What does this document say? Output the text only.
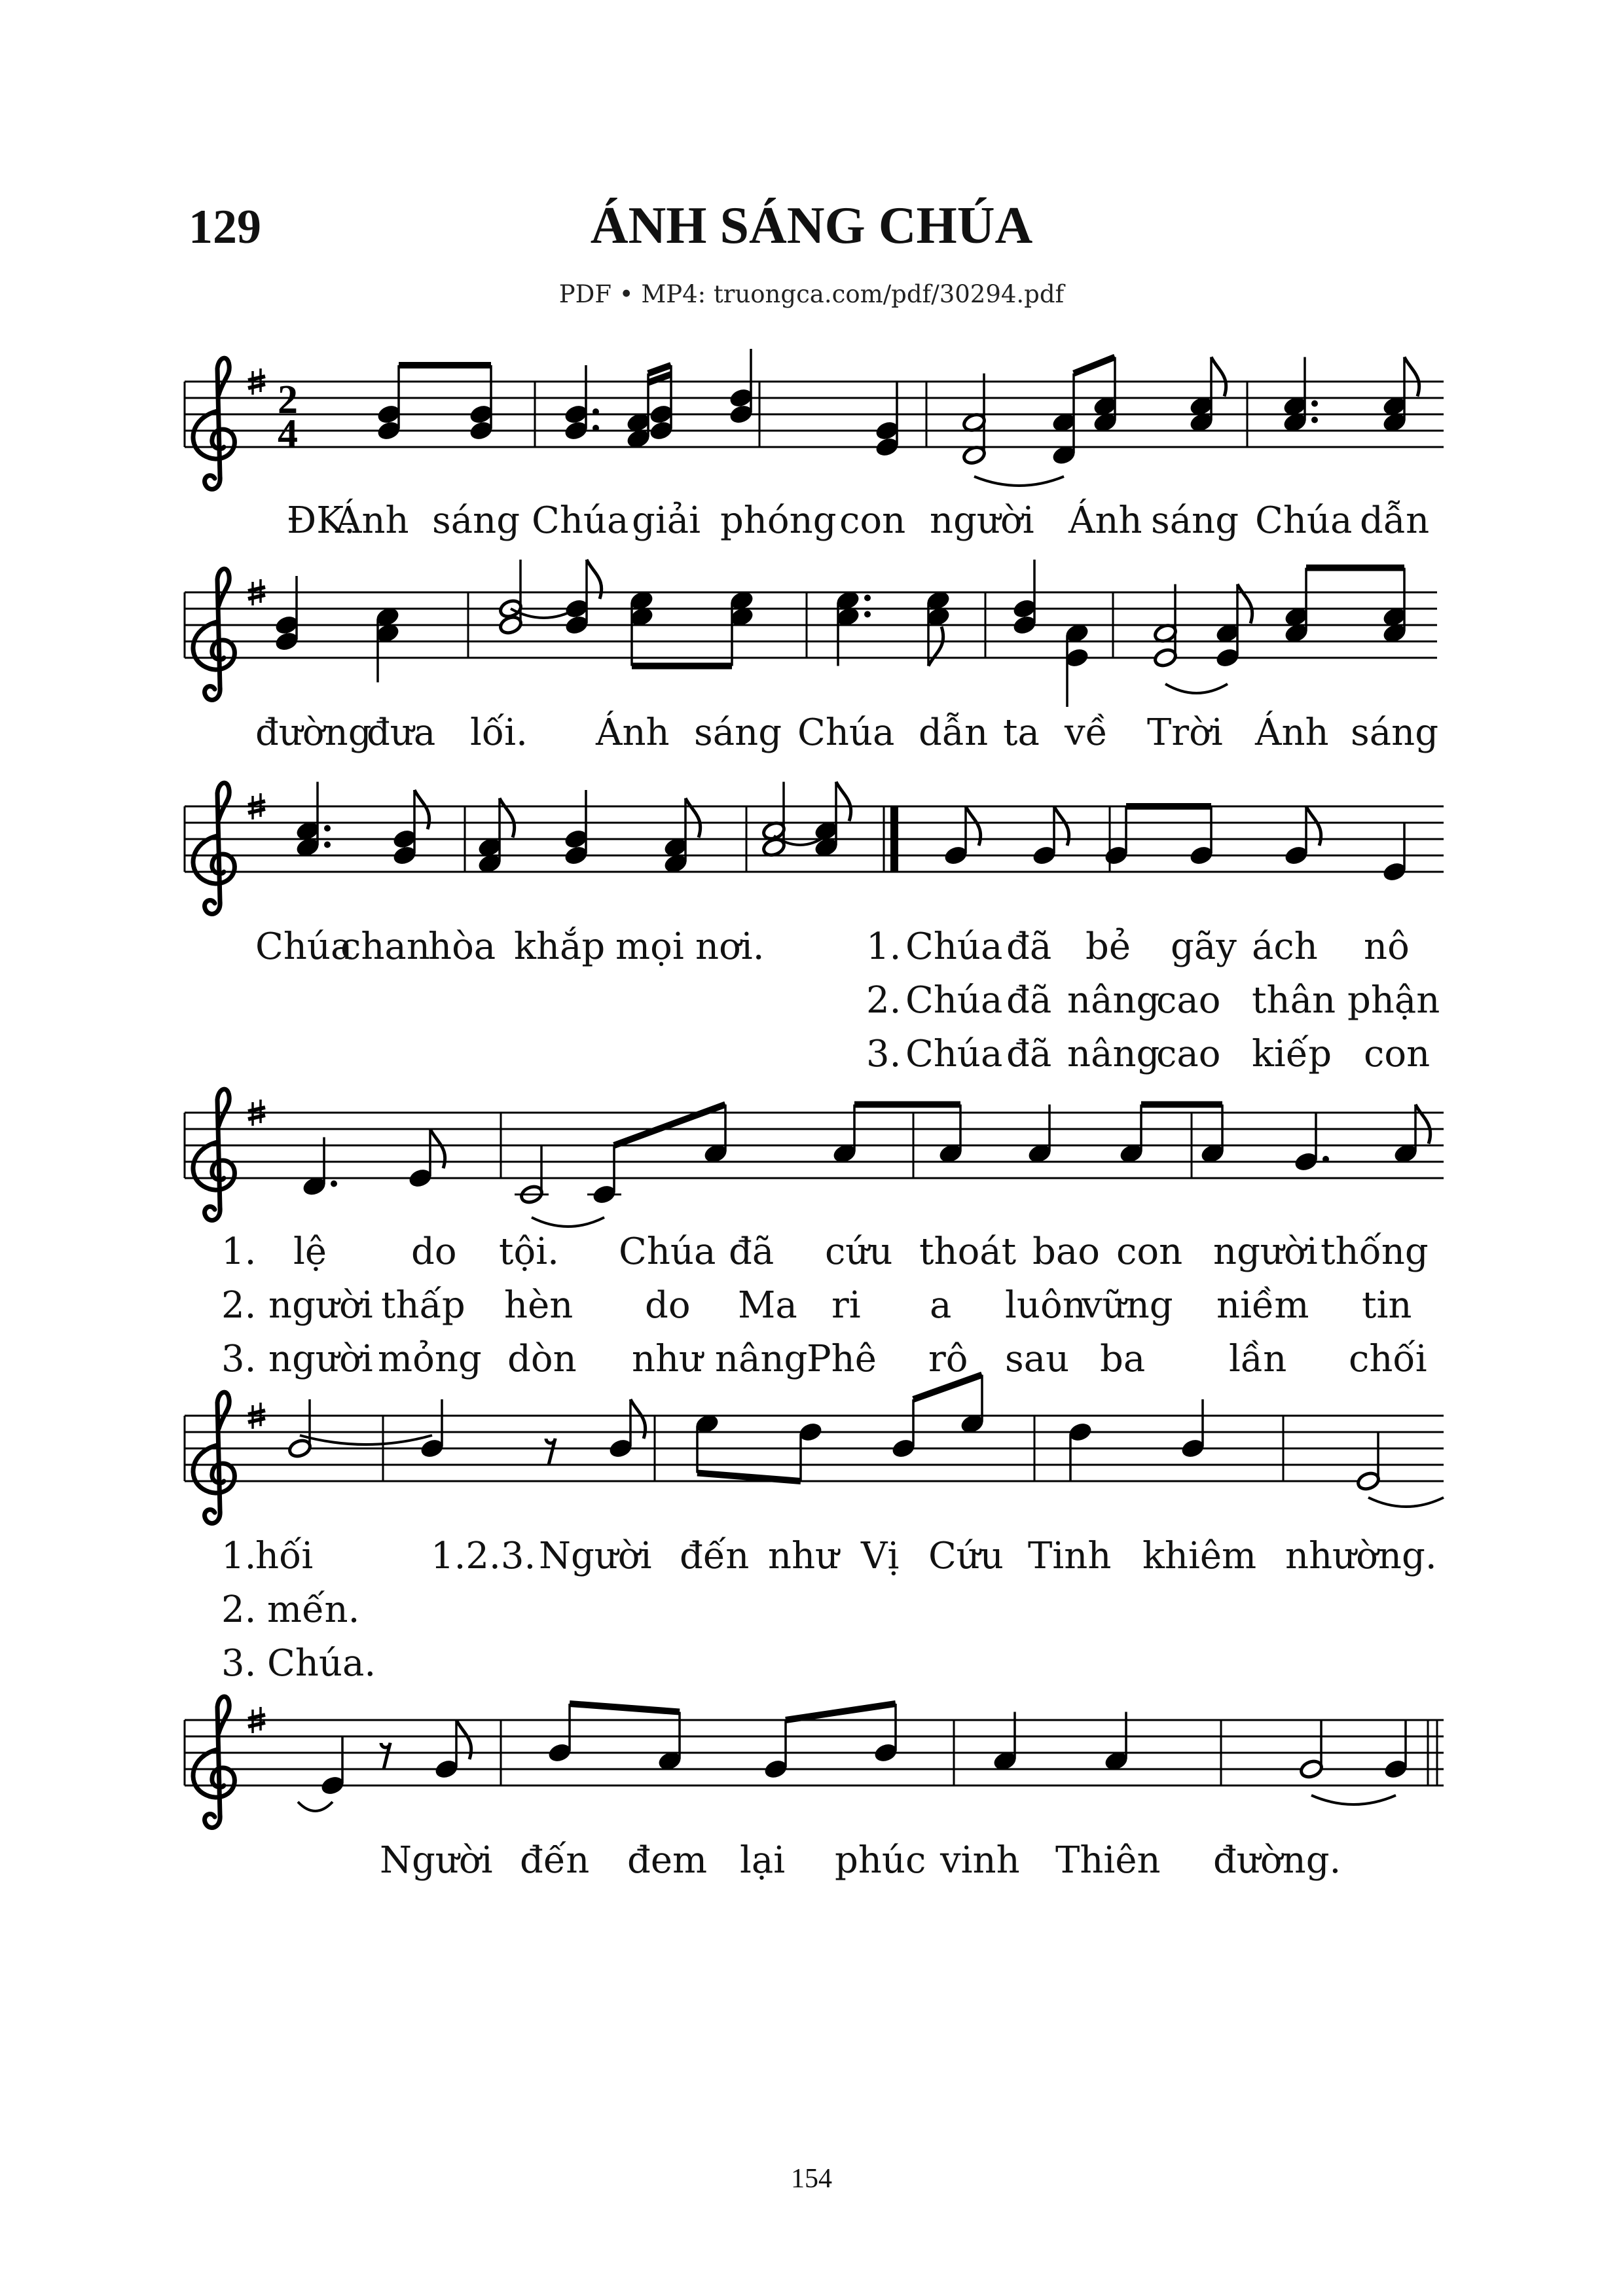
129	ÁNH SÁNG CHÚA
PDF • MP4: truongca.com/pdf/30294.pdf
ĐK.
Ánh sáng Chúa giải phóng con người Ánh sáng Chúa dẫn
đường
đưa lối. Ánh sáng Chúa dẫn ta về Trời Ánh sáng
Chúa
chan
hòa khắp mọi nơi.	1. Chúa đã bẻ gãy ách nô
2. Chúa đã nâng
cao thân phận
3. Chúa đã nâng
cao kiếp con
1. lệ do tội. Chúa đã cứu thoát bao con người thống
2. người thấp hèn do Ma ri a luôn
vững niềm tin
3. người mỏng dòn như nâng
Phê rô sau ba lần chối
1.
hối	1.2.3. Người đến như Vị Cứu Tinh khiêm nhường.
2. mến.
3. Chúa.
Người đến đem lại phúc vinh Thiên đường.
154
2
4
